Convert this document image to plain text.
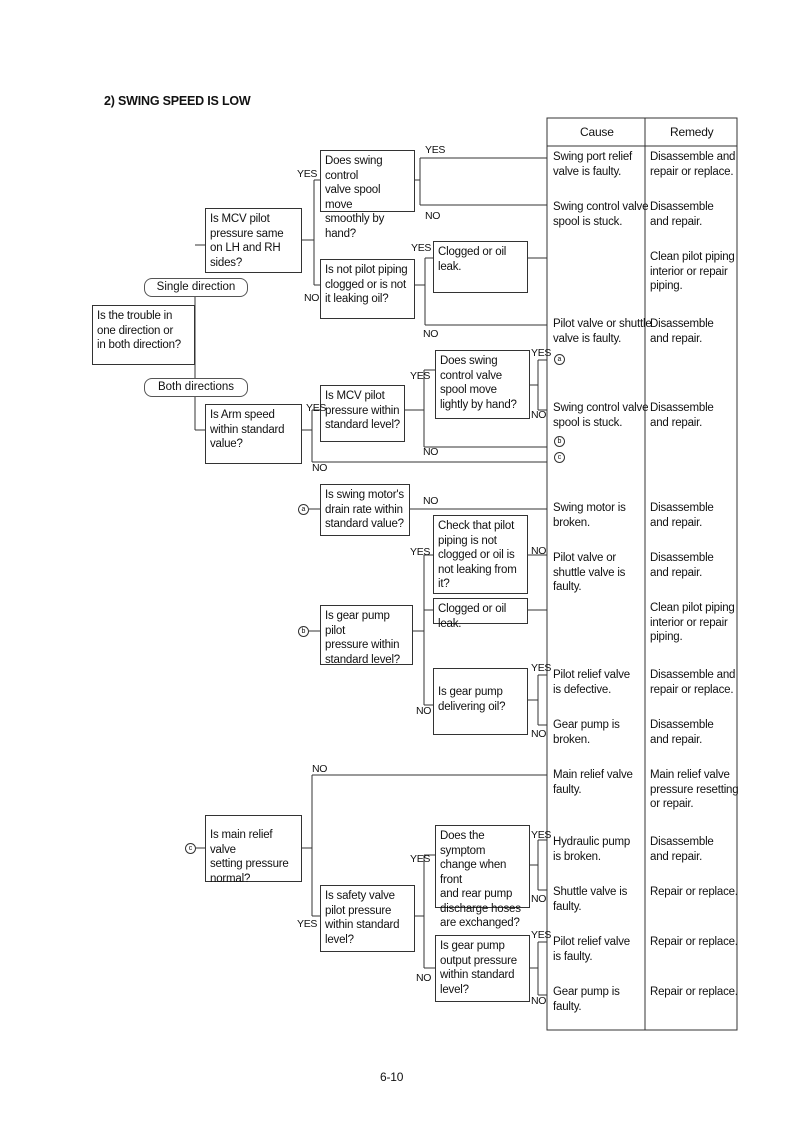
2) SWING SPEED IS LOW
Cause	Remedy
Swing port relief
valve is faulty.
Disassemble and
repair or replace.
Swing control valve
spool is stuck.
Disassemble
and repair.
Clean pilot piping
interior or repair
piping.
Pilot valve or shuttle
valve is faulty.
Disassemble
and repair.
Swing control valve
spool is stuck.
Disassemble
and repair.
Swing motor is
broken.
Disassemble
and repair.
Pilot valve or
shuttle valve is
faulty.
Disassemble
and repair.
Clean pilot piping
interior or repair
piping.
Pilot relief valve
is defective.
Disassemble and
repair or replace.
Gear pump is
broken.
Disassemble
and repair.
Main relief valve
faulty.
Main relief valve
pressure resetting
or repair.
Hydraulic pump
is broken.
Disassemble
and repair.
Shuttle valve is
faulty.
Repair or replace.
Pilot relief valve
is faulty.
Repair or replace.
Gear pump is
faulty.
Repair or replace.
Is the trouble in
one direction or
in both direction?
Single direction
Both directions
Is MCV pilot
pressure same
on LH and RH
sides?
Does swing control
valve spool move
smoothly by hand?
Is not pilot piping
clogged or is not
it leaking oil?
Clogged or oil
leak.
Is Arm speed
within standard
value?
Is MCV pilot
pressure within
standard level?
Does swing
control valve
spool move
lightly by hand?
Is swing motor's
drain rate within
standard value?	Check that pilot
piping is not
clogged or oil is
not leaking from
it?
Clogged or oil leak.
Is gear pump pilot
pressure within
standard level?
Is gear pump
delivering oil?
Is main relief valve
setting pressure
normal?
Does the symptom
change when front
and rear pump
discharge hoses
are exchanged?
Is safety valve
pilot pressure
within standard
level?
Is gear pump
output pressure
within standard
level?
a
b
c
a
b
c
YES
YES
NO
YES
NO
NO
YES
YES
YES
NO
NO
NO
NO
NO
YES
YES
NO
NO
NO
YES
YES
NO
YES
YES
NO
NO
6-10
